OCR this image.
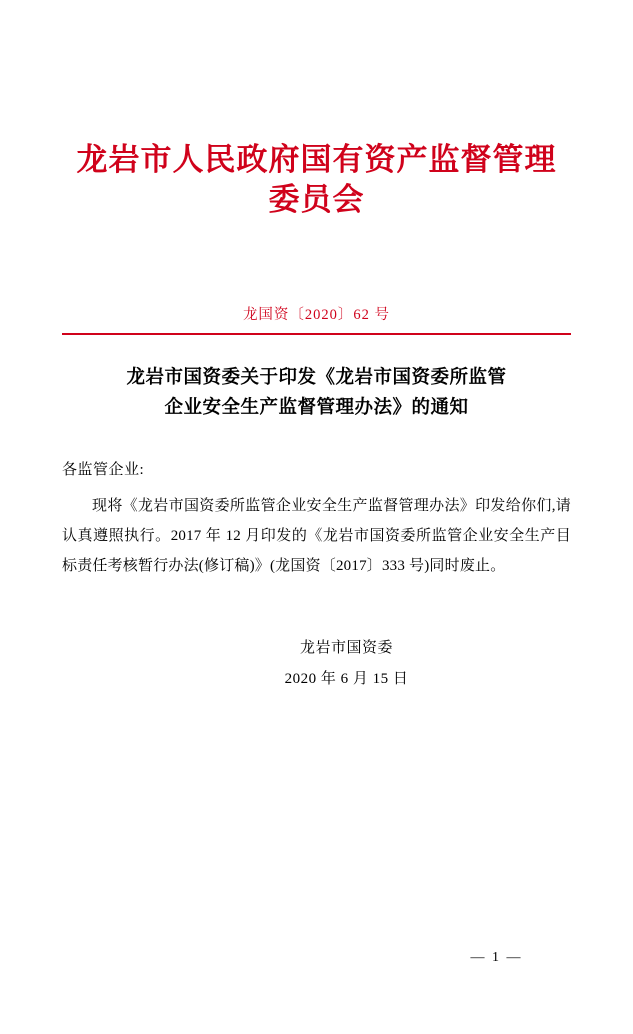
龙岩市人民政府国有资产监督管理委员会
龙国资〔2020〕62 号
龙岩市国资委关于印发《龙岩市国资委所监管
企业安全生产监督管理办法》的通知
各监管企业:
现将《龙岩市国资委所监管企业安全生产监督管理办法》印发给你们,请认真遵照执行。2017 年 12 月印发的《龙岩市国资委所监管企业安全生产目标责任考核暂行办法(修订稿)》(龙国资〔2017〕333 号)同时废止。
龙岩市国资委
2020 年 6 月 15 日
— 1 —
